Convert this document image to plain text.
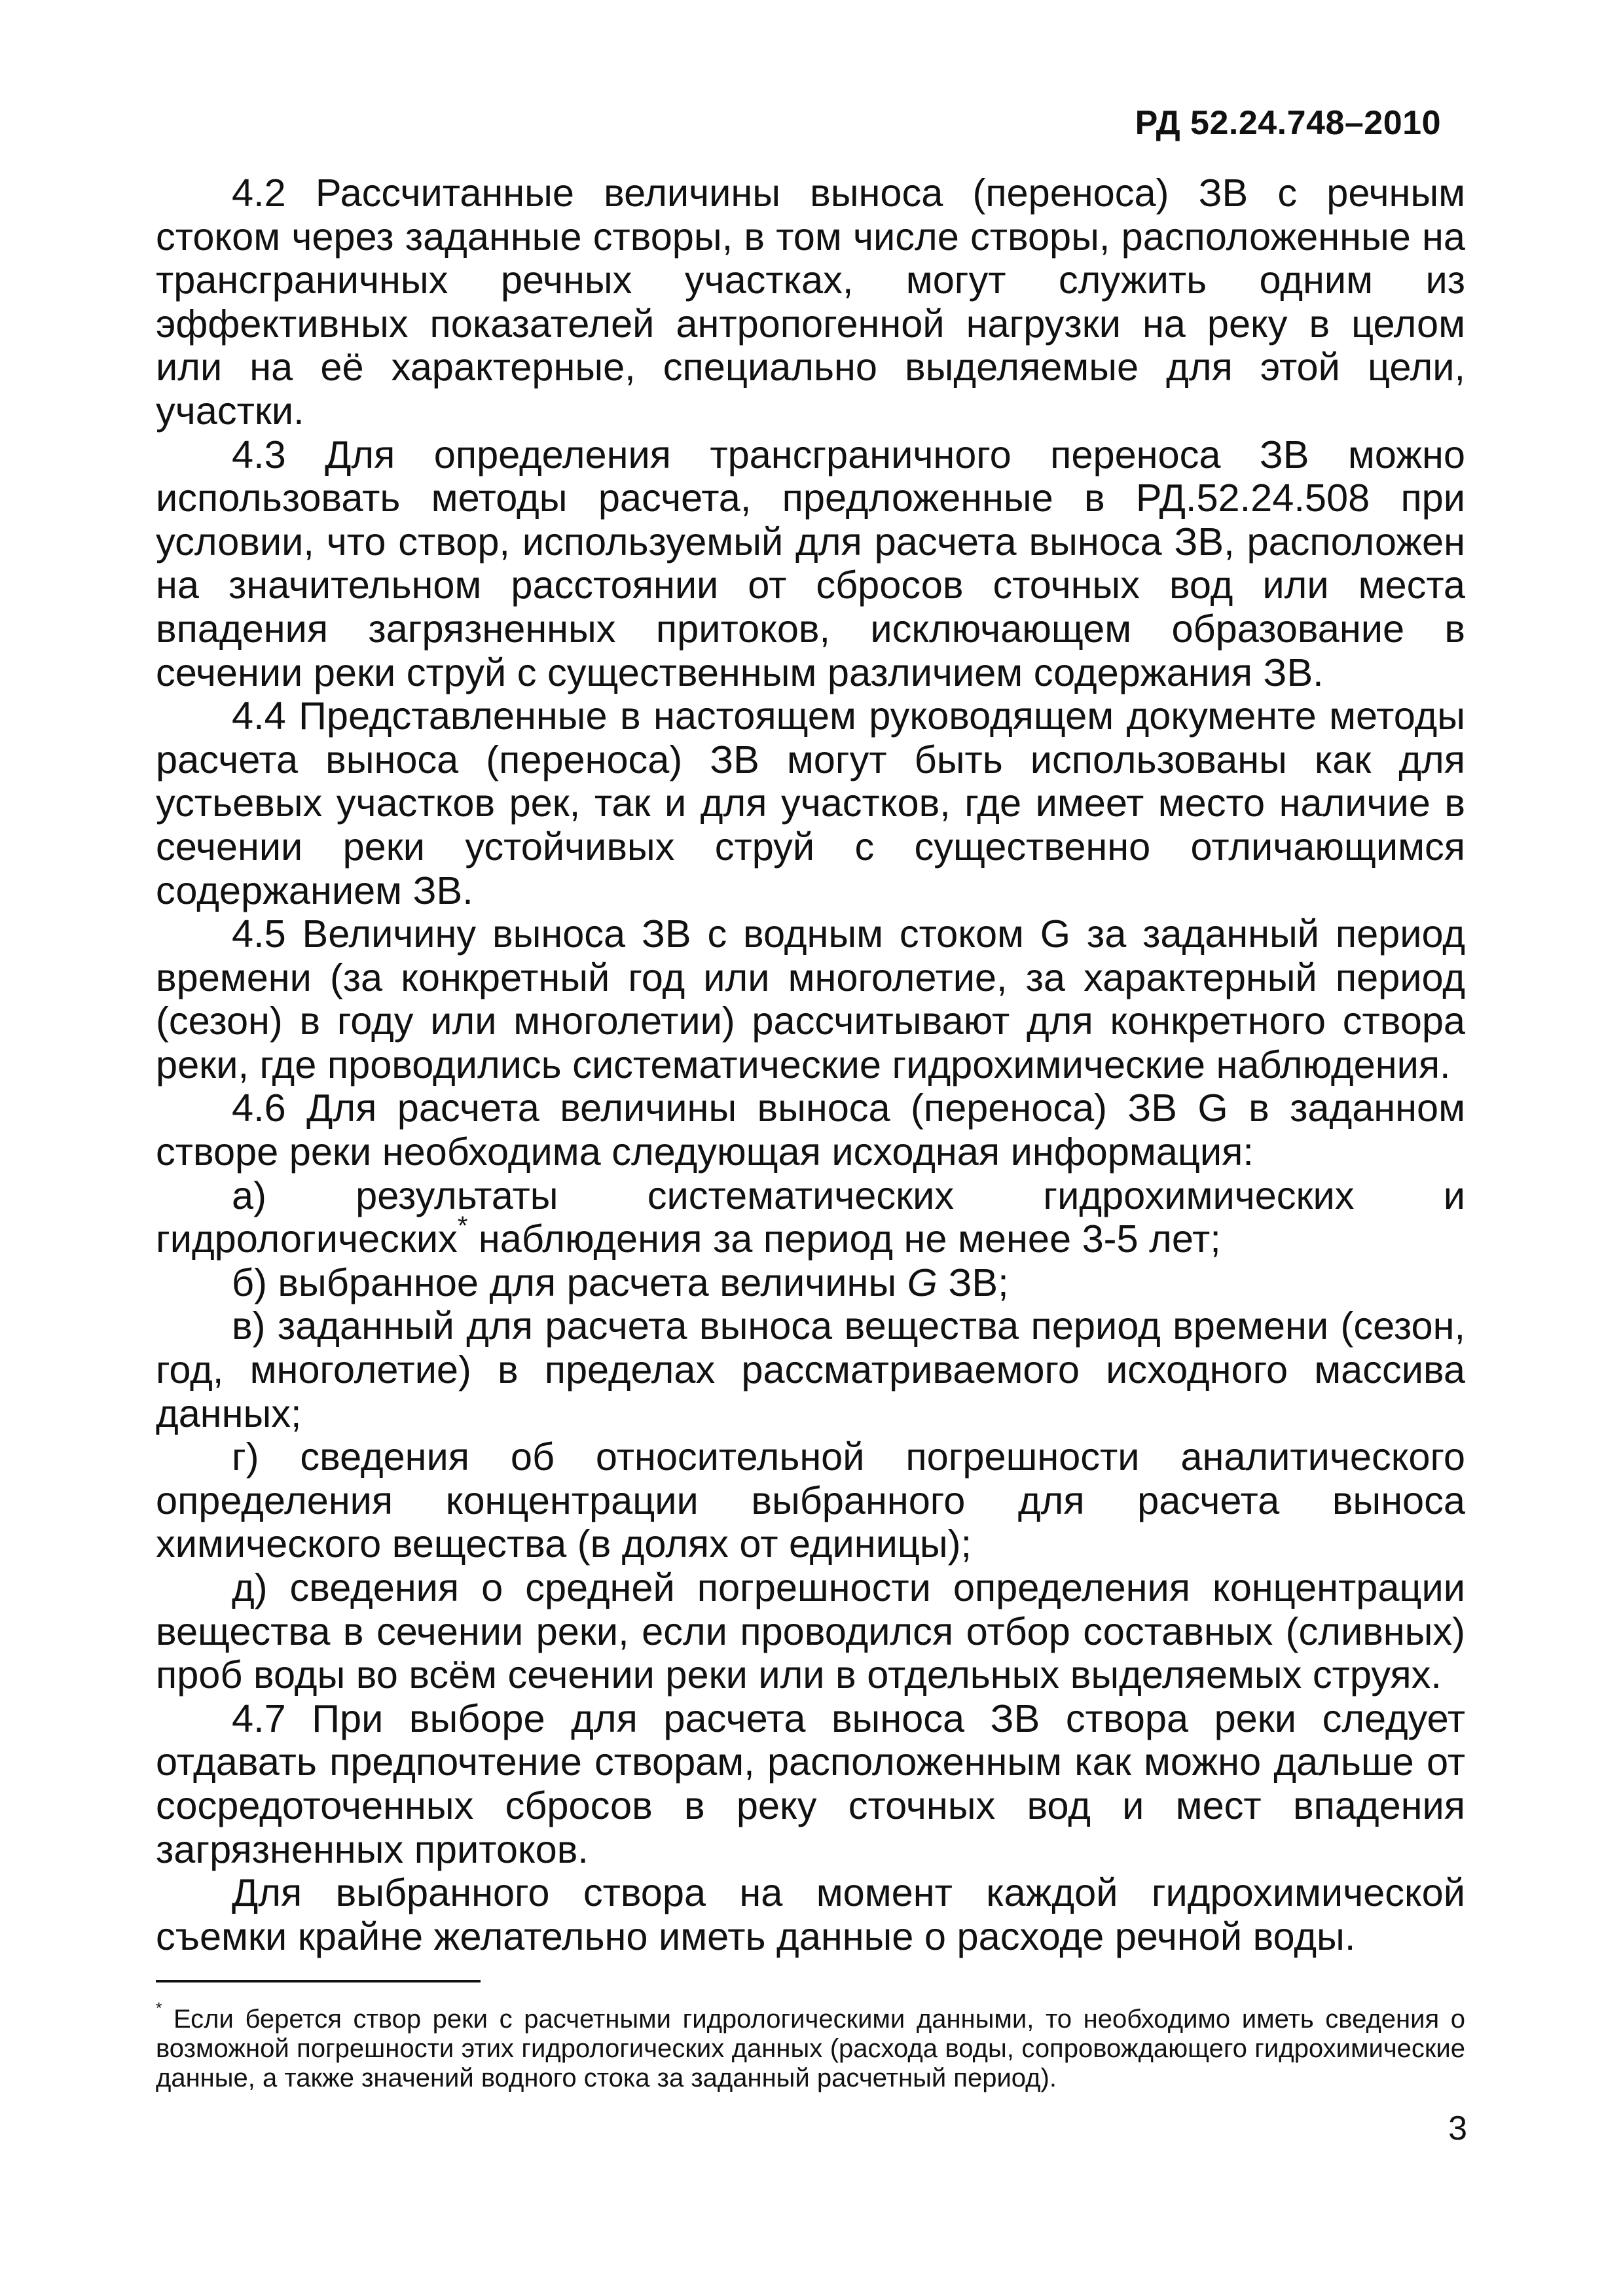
РД 52.24.748–2010

4.2 Рассчитанные величины выноса (переноса) ЗВ с речным стоком через заданные створы, в том числе створы, расположенные на трансграничных речных участках, могут служить одним из эффективных показателей антропогенной нагрузки на реку в целом или на её характерные, специально выделяемые для этой цели, участки.

4.3 Для определения трансграничного переноса ЗВ можно использовать методы расчета, предложенные в РД.52.24.508 при условии, что створ, используемый для расчета выноса ЗВ, расположен на значительном расстоянии от сбросов сточных вод или места впадения загрязненных притоков, исключающем образование в сечении реки струй с существенным различием содержания ЗВ.

4.4 Представленные в настоящем руководящем документе методы расчета выноса (переноса) ЗВ могут быть использованы как для устьевых участков рек, так и для участков, где имеет место наличие в сечении реки устойчивых струй с существенно отличающимся содержанием ЗВ.

4.5 Величину выноса ЗВ с водным стоком G за заданный период времени (за конкретный год или многолетие, за характерный период (сезон) в году или многолетии) рассчитывают для конкретного створа реки, где проводились систематические гидрохимические наблюдения.

4.6 Для расчета величины выноса (переноса) ЗВ G в заданном створе реки необходима следующая исходная информация:

а) результаты систематических гидрохимических и гидрологических* наблюдения за период не менее 3-5 лет;

б) выбранное для расчета величины G ЗВ;

в) заданный для расчета выноса вещества период времени (сезон, год, многолетие) в пределах рассматриваемого исходного массива данных;

г) сведения об относительной погрешности аналитического определения концентрации выбранного для расчета выноса химического вещества (в долях от единицы);

д) сведения о средней погрешности определения концентрации вещества в сечении реки, если проводился отбор составных (сливных) проб воды во всём сечении реки или в отдельных выделяемых струях.

4.7 При выборе для расчета выноса ЗВ створа реки следует отдавать предпочтение створам, расположенным как можно дальше от сосредоточенных сбросов в реку сточных вод и мест впадения загрязненных притоков.

Для выбранного створа на момент каждой гидрохимической съемки крайне желательно иметь данные о расходе речной воды.

* Если берется створ реки с расчетными гидрологическими данными, то необходимо иметь сведения о возможной погрешности этих гидрологических данных (расхода воды, сопровождающего гидрохимические данные, а также значений водного стока за заданный расчетный период).
3
